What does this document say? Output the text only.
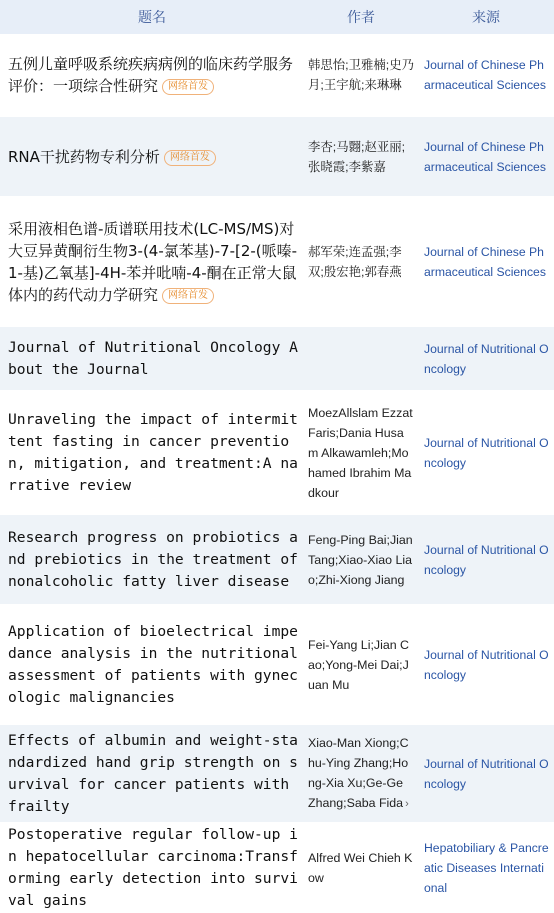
题名	作者	来源

五例儿童呼吸系统疾病病例的临床药学服务评价：一项综合性研究 网络首发

韩思怡;卫雅楠;史乃月;王宇航;来琳琳

Journal of Chinese Pharmaceutical Sciences

RNA干扰药物专利分析 网络首发

李杏;马翾;赵亚丽;张晓霞;李紫嘉

Journal of Chinese Pharmaceutical Sciences

采用液相色谱-质谱联用技术(LC-MS/MS)对大豆异黄酮衍生物3-(4-氯苯基)-7-[2-(哌嗪-1-基)乙氧基]-4H-苯并吡喃-4-酮在正常大鼠体内的药代动力学研究 网络首发

郝军荣;连孟强;李双;殷宏艳;郭春燕

Journal of Chinese Pharmaceutical Sciences

Journal of Nutritional Oncology About the Journal

Journal of Nutritional Oncology

Unraveling the impact of intermittent fasting in cancer prevention, mitigation, and treatment:A narrative review

MoezAllslam Ezzat Faris;Dania Husam Alkawamleh;Mohamed Ibrahim Madkour

Journal of Nutritional Oncology

Research progress on probiotics and prebiotics in the treatment of nonalcoholic fatty liver disease

Feng-Ping Bai;Jian Tang;Xiao-Xiao Liao;Zhi-Xiong Jiang

Journal of Nutritional Oncology

Application of bioelectrical impedance analysis in the nutritional assessment of patients with gynecologic malignancies

Fei-Yang Li;Jian Cao;Yong-Mei Dai;Juan Mu

Journal of Nutritional Oncology

Effects of albumin and weight-standardized hand grip strength on survival for cancer patients with frailty

Xiao-Man Xiong;Chu-Ying Zhang;Hong-Xia Xu;Ge-Ge Zhang;Saba Fida ›

Journal of Nutritional Oncology

Postoperative regular follow-up in hepatocellular carcinoma:Transforming early detection into survival gains

Alfred Wei Chieh Kow

Hepatobiliary & Pancreatic Diseases International
